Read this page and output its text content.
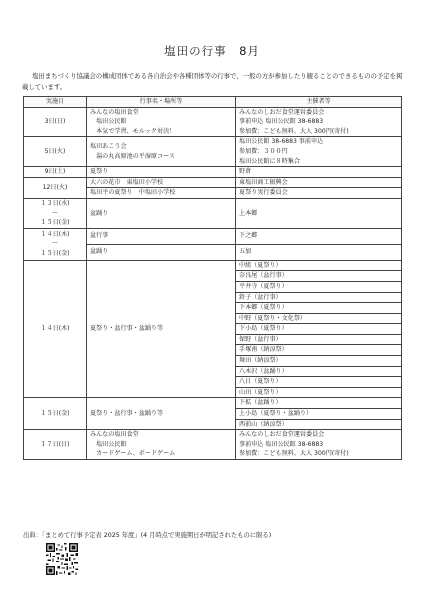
塩田の行事　8月
塩田まちづくり協議会の構成団体である各自治会や各種団体等の行事で、一般の方が参加したり観ることのできるものの予定を掲載しています。
実施日	行事名・場所等	主催者等
3日(日)	みんなの塩田食堂
　塩田公民館
　本気で学習、モルック対決！	みんなのしおだ食堂運営委員会
事前申込 塩田公民館 38-6883
参加費：こども無料、大人 300円(寄付)

5日(火)	塩田あこう会
　湯の丸高原池の平湿原コース	塩田公民館 38-6883 事前申込
参加費：３００円
塩田公民館に８時集合

9日(土)	夏祭り	野倉
12日(火)	大六の花市　東塩田小学校	東塩田商工振興会
	塩田平の夏祭り　中塩田小学校	夏祭り実行委員会

１３日(水)
〜
１５日(金)	盆踊り	上本郷

１４日(木)
〜
１５日(金)	盆行事	下之郷
	盆踊り	五加
１４日(木)	夏祭り・盆行事・盆踊り等	中組（夏祭り）
		奈良尾（盆行事）
		平井寺（夏祭り）
		鈴子（盆行事）
		下本郷（夏祭り）
		中野（夏祭り・文化祭）
		下小島（夏祭り）
		保野（盆行事）
		手塚南（納涼祭）
		舞田（納涼祭）
		八木沢（盆踊り）
		八日（夏祭り）
		山田（夏祭り）
１５日(金)	夏祭り・盆行事・盆踊り等	下拡（盆踊り）
		上小島（夏祭り・盆踊り）
		西前山（納涼祭）
１７日(日)	みんなの塩田食堂
　塩田公民館
　カードゲーム、ボードゲーム	みんなのしおだ食堂運営委員会
事前申込 塩田公民館 38-6883
参加費：こども無料、大人 300円(寄付)
出典：「まとめて行事予定表 2025 年度」(4 月時点で実施期日が明記されたものに限る)
